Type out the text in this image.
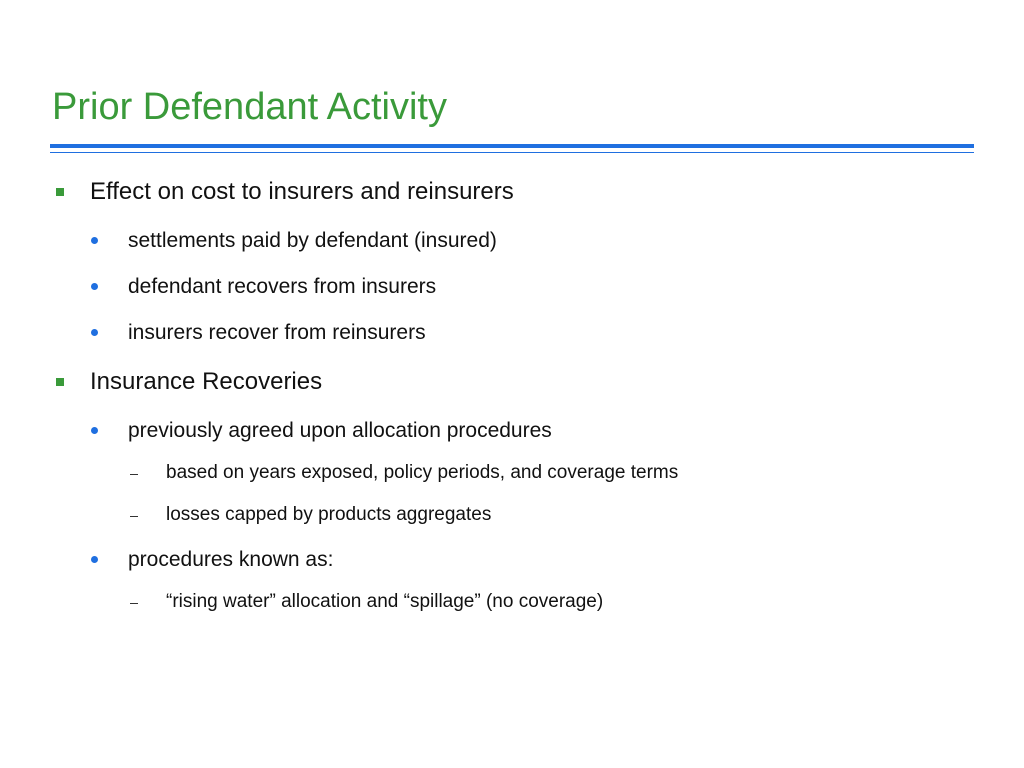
Prior Defendant Activity
Effect on cost to insurers and reinsurers
settlements paid by defendant (insured)
defendant recovers from insurers
insurers recover from reinsurers
Insurance Recoveries
previously agreed upon allocation procedures
based on years exposed, policy periods, and coverage terms
losses capped by products aggregates
procedures known as:
“rising water” allocation and “spillage” (no coverage)
